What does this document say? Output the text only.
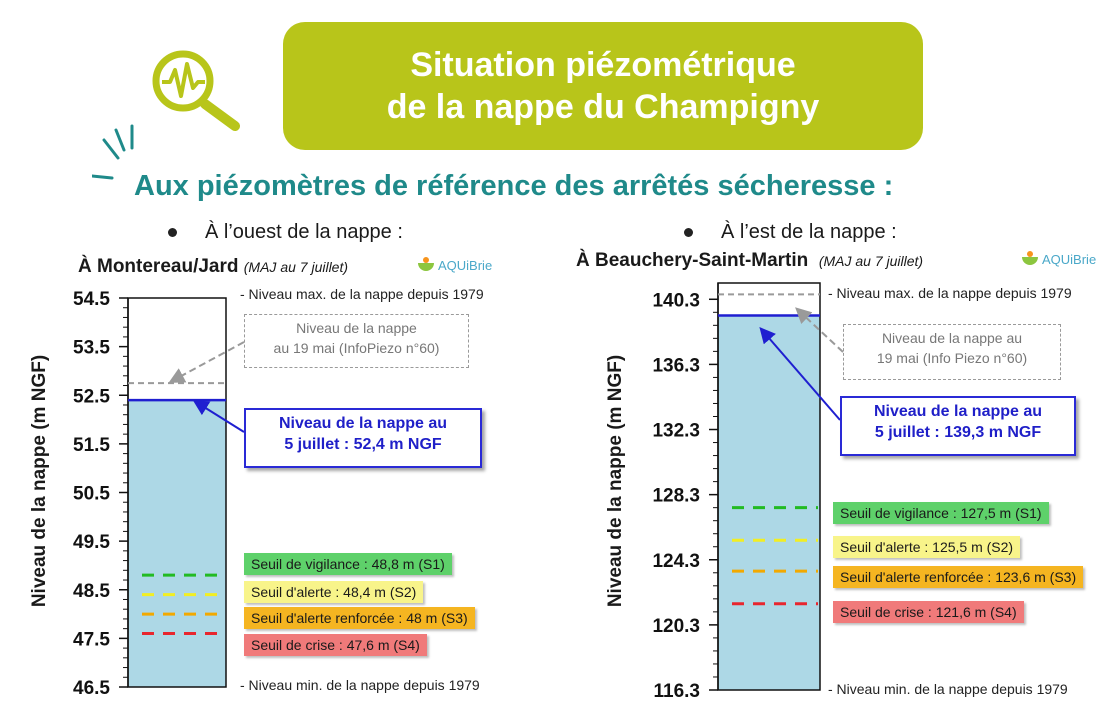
Situation piézométrique
de la nappe du Champigny
Aux piézomètres de référence des arrêtés sécheresse :
À l’ouest de la nappe :
À Montereau/Jard (MAJ au 7 juillet)	AQUiBrie
Niveau de la nappe (m NGF)
54.5
53.5
52.5
51.5
50.5
49.5
48.5
47.5
46.5
140.3
136.3
132.3
128.3
124.3
120.3
116.3
- Niveau max. de la nappe depuis 1979
- Niveau min. de la nappe depuis 1979
Niveau de la nappe
au 19 mai (InfoPiezo n°60)
Niveau de la nappe au
5 juillet : 52,4 m NGF
Seuil de vigilance : 48,8 m (S1)
Seuil d'alerte : 48,4 m (S2)
Seuil d'alerte renforcée : 48 m (S3)
Seuil de crise : 47,6 m (S4)
À l’est de la nappe :
À Beauchery-Saint-Martin (MAJ au 7 juillet)	AQUiBrie
Niveau de la nappe (m NGF)
- Niveau max. de la nappe depuis 1979
- Niveau min. de la nappe depuis 1979
Niveau de la nappe au
19 mai (Info Piezo n°60)
Niveau de la nappe au
5 juillet : 139,3 m NGF
Seuil de vigilance : 127,5 m (S1)
Seuil d'alerte : 125,5 m (S2)
Seuil d'alerte renforcée : 123,6 m (S3)
Seuil de crise : 121,6 m (S4)
